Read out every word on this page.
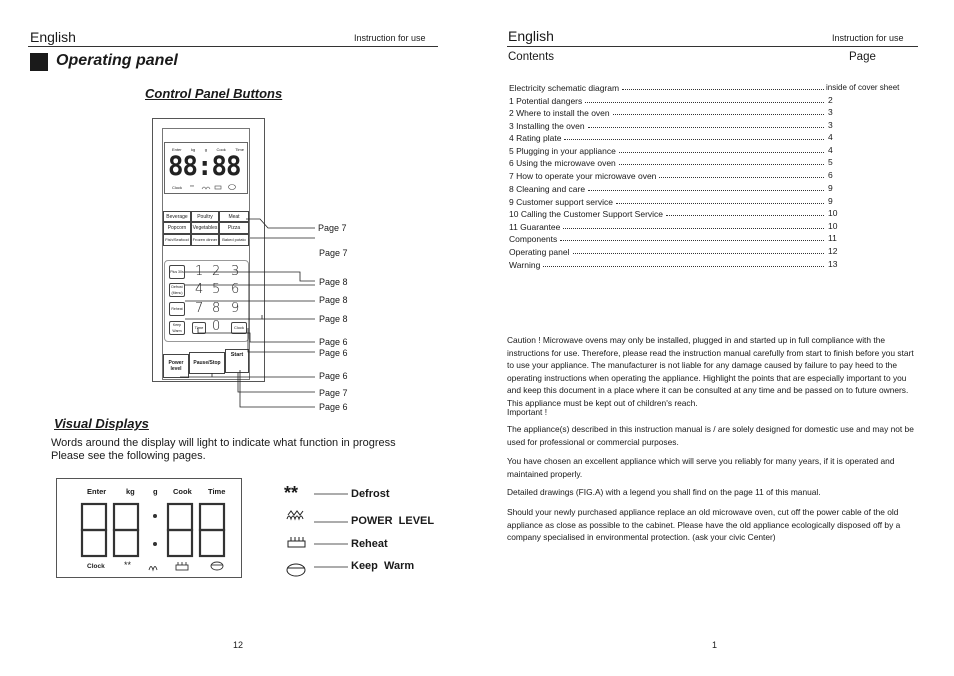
English	Instruction for use
Operating panel
Control Panel Buttons
Enter kg g Cook Time
88:88
Clock **
Beverage	Poultry	Meat
Popcorn	Vegetables	Pizza
Fish/Seafood Frozen dinner	Baked potato
Plus 30s
Defrost (Menu)
Reheat
Keep Warm
1 2 3
4 5 6
7 8 9
Time 0	Clock
Power level
Pause/Stop
Start
Page 7
Page 7
Page 8
Page 8
Page 8
Page 6
Page 6
Page 6
Page 7
Page 6
Visual Displays
Words around the display will light to indicate what function in progress
Please see the following pages.
Enter	kg g Cook Time
Clock **
**	Defrost
POWER  LEVEL
Reheat
Keep  Warm
12
English	Instruction for use
Contents	Page
Electricity schematic diagram	inside of cover sheet
1 Potential dangers	2
2 Where to install the oven	3
3 Installing the oven	3
4 Rating plate	4
5 Plugging in your appliance	4
6 Using the microwave oven	5
7 How to operate your microwave oven	6
8 Cleaning and care	9
9 Customer support service	9
10 Calling the Customer Support Service	10
11 Guarantee	10
Components	11
Operating panel	12
Warning	13
Caution ! Microwave ovens may only be installed, plugged in and started up in full compliance with the instructions for use. Therefore, please read the instruction manual carefully from start to finish before you start to use your appliance. The manufacturer is not liable for any damage caused by failure to pay heed to the operating instructions when operating the appliance. Highlight the points that are especially important to you and keep this document in a place where it can be consulted at any time and be passed on to future owners. This appliance must be kept out of children's reach.
Important !
The appliance(s) described in this instruction manual is / are solely designed for domestic use and may not be used for professional or commercial purposes.
You have chosen an excellent appliance which will serve you reliably for many years, if it is operated and maintained properly.
Detailed drawings (FIG.A) with a legend you shall find on the page 11 of this manual.
Should your newly purchased appliance replace an old microwave oven, cut off the power cable of the old appliance as close as possible to the cabinet. Please have the old appliance ecologically disposed off by a company specialised in environmental protection. (ask your civic Center)
1
